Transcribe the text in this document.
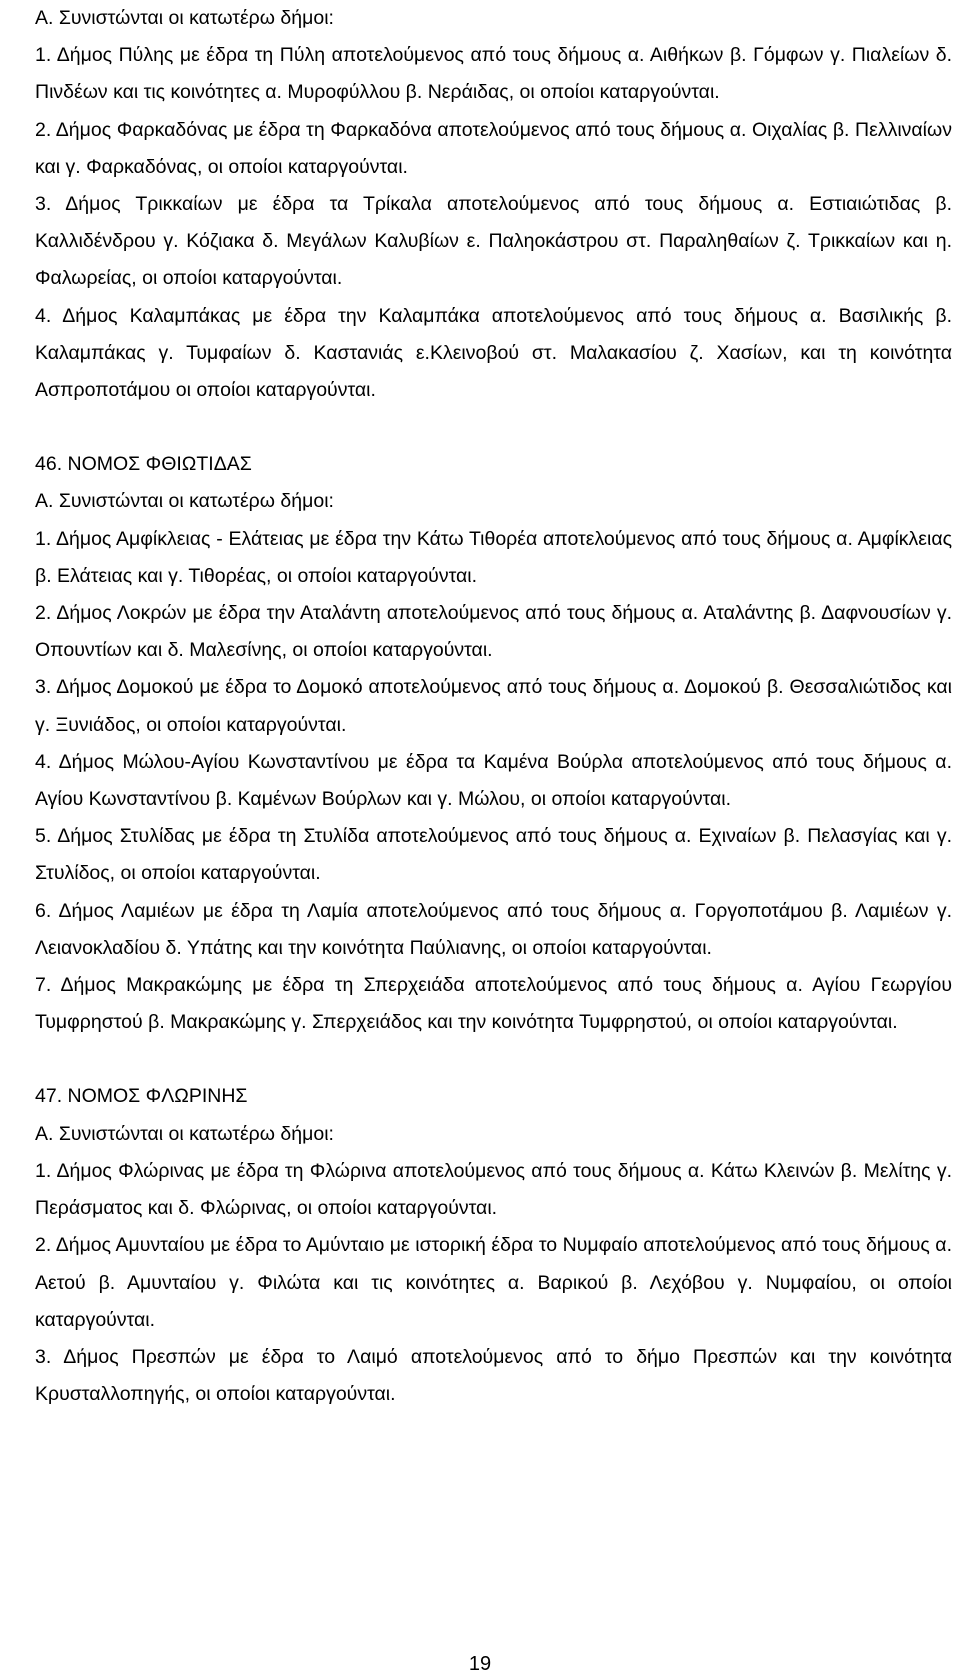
Α. Συνιστώνται οι κατωτέρω δήμοι:

1. Δήμος Πύλης με έδρα τη Πύλη αποτελούμενος από τους δήμους α. Αιθήκων β. Γόμφων γ. Πιαλείων δ. Πινδέων και τις κοινότητες α. Μυροφύλλου β. Νεράιδας, οι οποίοι καταργούνται.

2. Δήμος Φαρκαδόνας με έδρα τη Φαρκαδόνα αποτελούμενος από τους δήμους α. Οιχαλίας β. Πελλιναίων και γ. Φαρκαδόνας, οι οποίοι καταργούνται.

3. Δήμος Τρικκαίων με έδρα τα Τρίκαλα αποτελούμενος από τους δήμους α. Εστιαιώτιδας β. Καλλιδένδρου γ. Κόζιακα δ. Μεγάλων Καλυβίων ε. Παληοκάστρου στ. Παραληθαίων ζ. Τρικκαίων και η. Φαλωρείας, οι οποίοι καταργούνται.

4. Δήμος Καλαμπάκας με έδρα την Καλαμπάκα αποτελούμενος από τους δήμους α. Βασιλικής β. Καλαμπάκας γ. Τυμφαίων δ. Καστανιάς ε.Κλεινοβού στ. Μαλακασίου ζ. Χασίων, και τη κοινότητα Ασπροποτάμου οι οποίοι καταργούνται.

46. ΝΟΜΟΣ ΦΘΙΩΤΙΔΑΣ

Α. Συνιστώνται οι κατωτέρω δήμοι:

1. Δήμος Αμφίκλειας - Ελάτειας με έδρα την Κάτω Τιθορέα αποτελούμενος από τους δήμους α. Αμφίκλειας β. Ελάτειας και γ. Τιθορέας, οι οποίοι καταργούνται.

2. Δήμος Λοκρών με έδρα την Αταλάντη αποτελούμενος από τους δήμους α. Αταλάντης β. Δαφνουσίων γ. Οπουντίων και δ. Μαλεσίνης, οι οποίοι καταργούνται.

3. Δήμος Δομοκού με έδρα το Δομοκό αποτελούμενος από τους δήμους α. Δομοκού β. Θεσσαλιώτιδος και γ. Ξυνιάδος, οι οποίοι καταργούνται.

4. Δήμος Μώλου-Αγίου Κωνσταντίνου με έδρα τα Καμένα Βούρλα αποτελούμενος από τους δήμους α. Αγίου Κωνσταντίνου β. Καμένων Βούρλων και γ. Μώλου, οι οποίοι καταργούνται.

5. Δήμος Στυλίδας με έδρα τη Στυλίδα αποτελούμενος από τους δήμους α. Εχιναίων β. Πελασγίας και γ. Στυλίδος, οι οποίοι καταργούνται.

6. Δήμος Λαμιέων με έδρα τη Λαμία αποτελούμενος από τους δήμους α. Γοργοποτάμου β. Λαμιέων γ. Λειανοκλαδίου δ. Υπάτης και την κοινότητα Παύλιανης, οι οποίοι καταργούνται.

7. Δήμος Μακρακώμης με έδρα τη Σπερχειάδα αποτελούμενος από τους δήμους α. Αγίου Γεωργίου Τυμφρηστού β. Μακρακώμης γ. Σπερχειάδος και την κοινότητα Τυμφρηστού, οι οποίοι καταργούνται.

47. ΝΟΜΟΣ ΦΛΩΡΙΝΗΣ

Α. Συνιστώνται οι κατωτέρω δήμοι:

1. Δήμος Φλώρινας με έδρα τη Φλώρινα αποτελούμενος από τους δήμους α. Κάτω Κλεινών β. Μελίτης γ. Περάσματος και δ. Φλώρινας, οι οποίοι καταργούνται.

2. Δήμος Αμυνταίου με έδρα το Αμύνταιο με ιστορική έδρα το Νυμφαίο αποτελούμενος από τους δήμους α. Αετού β. Αμυνταίου γ. Φιλώτα και τις κοινότητες α. Βαρικού β. Λεχόβου γ. Νυμφαίου, οι οποίοι καταργούνται.

3. Δήμος Πρεσπών με έδρα το Λαιμό αποτελούμενος από το δήμο Πρεσπών και την κοινότητα Κρυσταλλοπηγής, οι οποίοι καταργούνται.

19
